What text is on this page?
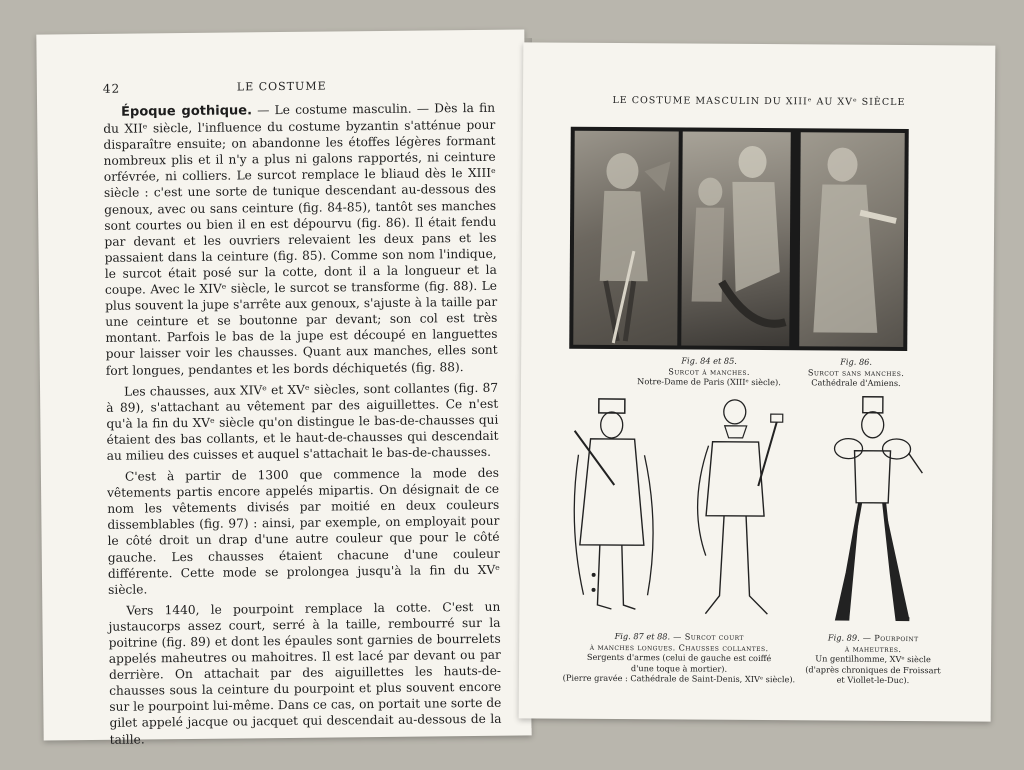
42	LE COSTUME

Époque gothique. — Le costume masculin. — Dès la fin du XIIᵉ siècle, l'influence du costume byzantin s'atténue pour disparaître ensuite; on abandonne les étoffes légères formant nombreux plis et il n'y a plus ni galons rapportés, ni ceinture orfévrée, ni colliers. Le surcot remplace le bliaud dès le XIIIᵉ siècle : c'est une sorte de tunique descendant au-dessous des genoux, avec ou sans ceinture (fig. 84-85), tantôt ses manches sont courtes ou bien il en est dépourvu (fig. 86). Il était fendu par devant et les ouvriers relevaient les deux pans et les passaient dans la ceinture (fig. 85). Comme son nom l'indique, le surcot était posé sur la cotte, dont il a la longueur et la coupe. Avec le XIVᵉ siècle, le surcot se transforme (fig. 88). Le plus souvent la jupe s'arrête aux genoux, s'ajuste à la taille par une ceinture et se boutonne par devant; son col est très montant. Parfois le bas de la jupe est découpé en languettes pour laisser voir les chausses. Quant aux manches, elles sont fort longues, pendantes et les bords déchiquetés (fig. 88).

Les chausses, aux XIVᵉ et XVᵉ siècles, sont collantes (fig. 87 à 89), s'attachant au vêtement par des aiguillettes. Ce n'est qu'à la fin du XVᵉ siècle qu'on distingue le bas-de-chausses qui étaient des bas collants, et le haut-de-chausses qui descendait au milieu des cuisses et auquel s'attachait le bas-de-chausses.

C'est à partir de 1300 que commence la mode des vêtements partis encore appelés mipartis. On désignait de ce nom les vêtements divisés par moitié en deux couleurs dissemblables (fig. 97) : ainsi, par exemple, on employait pour le côté droit un drap d'une autre couleur que pour le côté gauche. Les chausses étaient chacune d'une couleur différente. Cette mode se prolongea jusqu'à la fin du XVᵉ siècle.

Vers 1440, le pourpoint remplace la cotte. C'est un justaucorps assez court, serré à la taille, rembourré sur la poitrine (fig. 89) et dont les épaules sont garnies de bourrelets appelés maheutres ou mahoitres. Il est lacé par devant ou par derrière. On attachait par des aiguillettes les hauts-de-chausses sous la ceinture du pourpoint et plus souvent encore sur le pourpoint lui-même. Dans ce cas, on portait une sorte de gilet appelé jacque ou jacquet qui descendait au-dessous de la taille.

LE COSTUME MASCULIN DU XIIIᵉ AU XVᵉ SIÈCLE
Fig. 84 et 85.
Surcot à manches.
Notre-Dame de Paris (XIIIᵉ siècle).
Fig. 86.
Surcot sans manches.
Cathédrale d'Amiens.
Fig. 87 et 88. — Surcot court
à manches longues. Chausses collantes.
Sergents d'armes (celui de gauche est coiffé
d'une toque à mortier).
(Pierre gravée : Cathédrale de Saint-Denis, XIVᵉ siècle).
Fig. 89. — Pourpoint
à maheutres.
Un gentilhomme, XVᵉ siècle
(d'après chroniques de Froissart
et Viollet-le-Duc).
